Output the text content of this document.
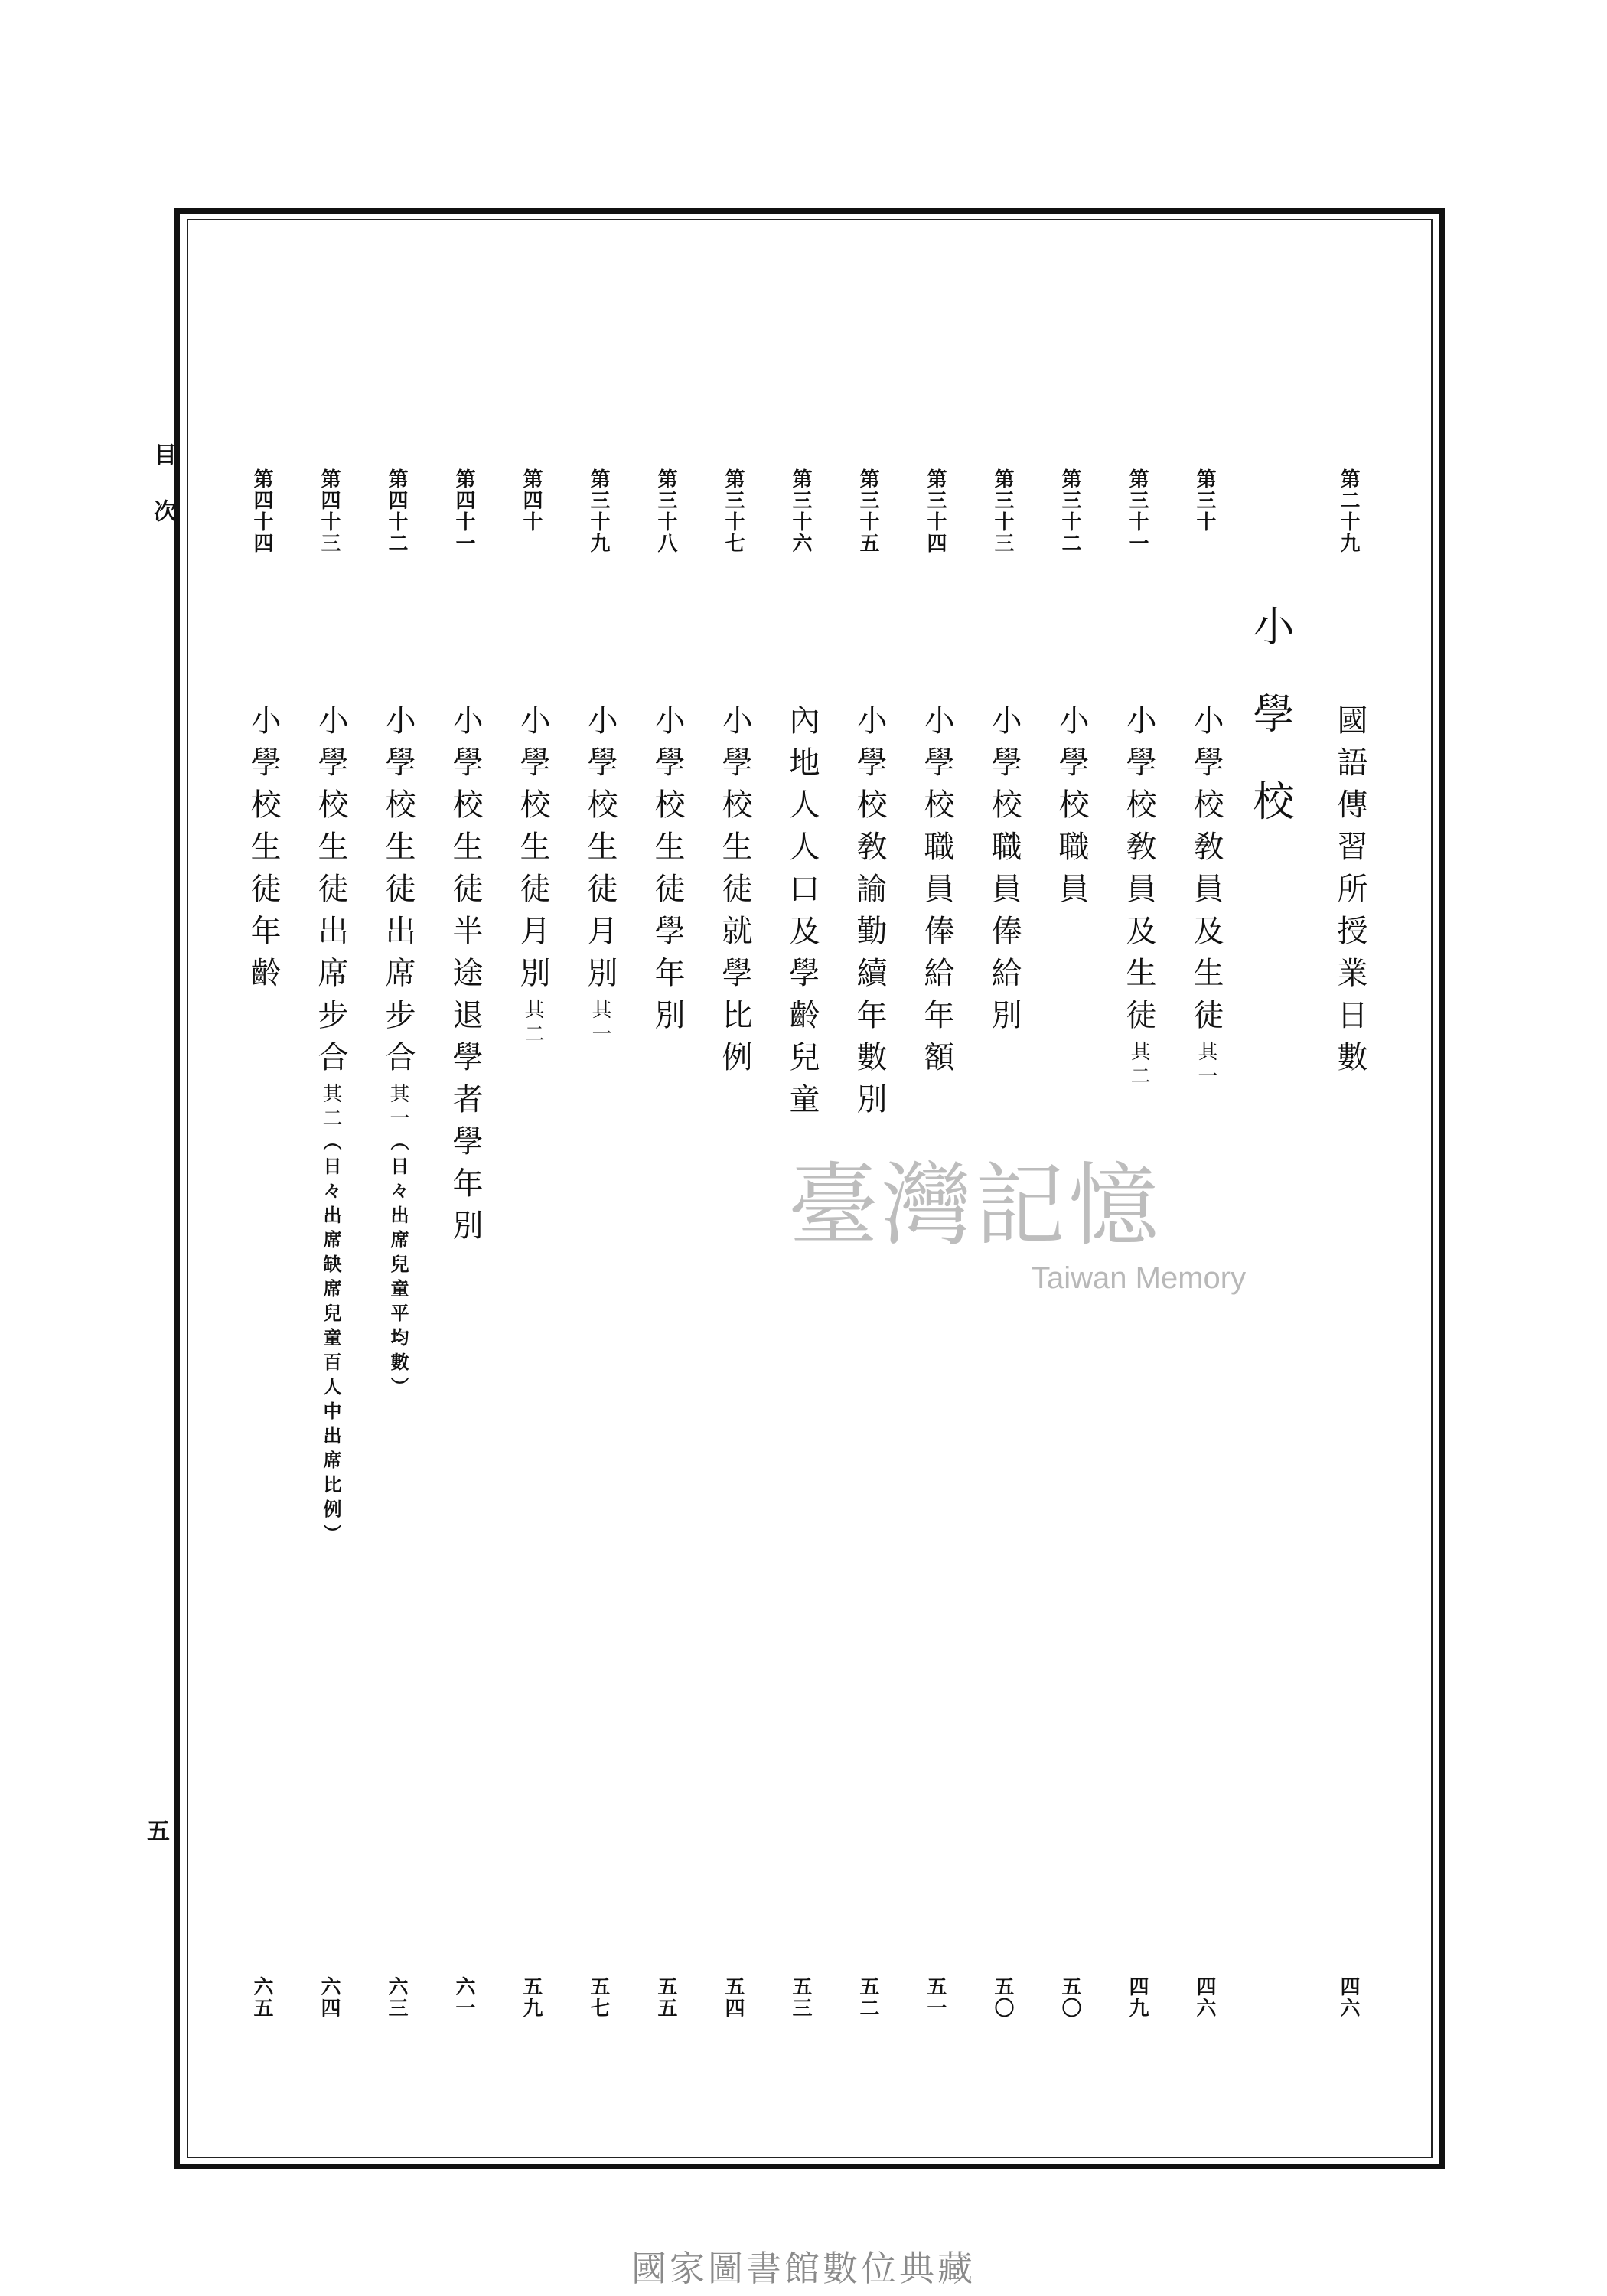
目次
五
小學校
第二十九
第三十
第三十一
第三十二
第三十三
第三十四
第三十五
第三十六
第三十七
第三十八
第三十九
第四十
第四十一
第四十二
第四十三
第四十四
國語傳習所授業日數
小學校敎員及生徒其一
小學校敎員及生徒其二
小學校職員
小學校職員俸給別
小學校職員俸給年額
小學校敎諭勤續年數別
內地人人口及學齡兒童
小學校生徒就學比例
小學校生徒學年別
小學校生徒月別其一
小學校生徒月別其二
小學校生徒半途退學者學年別
小學校生徒出席步合其一（日々出席兒童平均數）
小學校生徒出席步合其二（日々出席缺席兒童百人中出席比例）
小學校生徒年齡
四六
四六
四九
五〇
五〇
五一
五二
五三
五四
五五
五七
五九
六一
六三
六四
六五
臺灣記憶
Taiwan Memory
國家圖書館數位典藏
